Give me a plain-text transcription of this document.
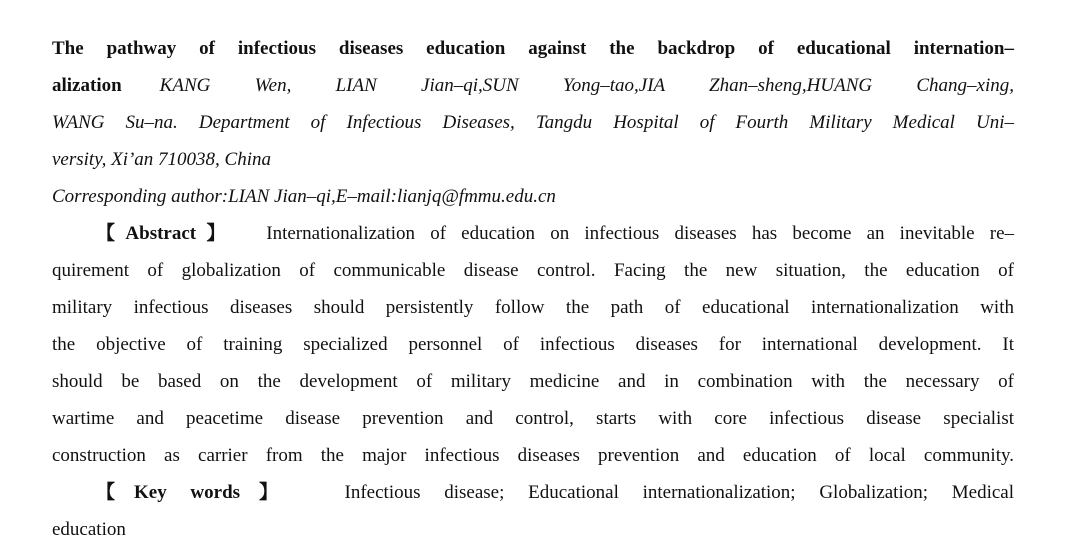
The pathway of infectious diseases education against the backdrop of educational internation–
alization KANG Wen, LIAN Jian–qi,SUN Yong–tao,JIA Zhan–sheng,HUANG Chang–xing,
WANG Su–na. Department of Infectious Diseases, Tangdu Hospital of Fourth Military Medical Uni–
versity, Xi’an 710038, China
Corresponding author:LIAN Jian–qi,E–mail:lianjq@fmmu.edu.cn
【Abstract】 Internationalization of education on infectious diseases has become an inevitable re–
quirement of globalization of communicable disease control. Facing the new situation, the education of
military infectious diseases should persistently follow the path of educational internationalization with
the objective of training specialized personnel of infectious diseases for international development. It
should be based on the development of military medicine and in combination with the necessary of
wartime and peacetime disease prevention and control, starts with core infectious disease specialist
construction as carrier from the major infectious diseases prevention and education of local community.
【Key words】 Infectious disease; Educational internationalization; Globalization; Medical
education
